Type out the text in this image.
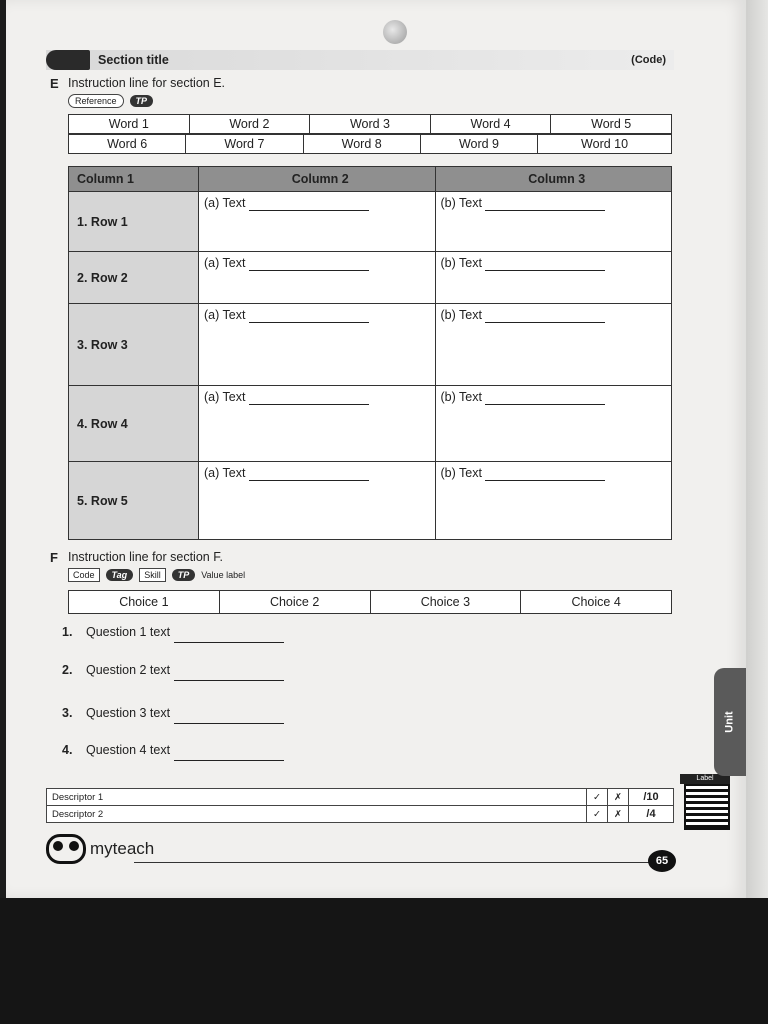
Section title	(Code)
E Instruction line for section E.
Reference	TP
Word 1	Word 2	Word 3	Word 4	Word 5
Word 6	Word 7	Word 8	Word 9	Word 10
Column 1	Column 2	Column 3
1. Row 1	(a) Text	(b) Text
2. Row 2	(a) Text	(b) Text
3. Row 3	(a) Text	(b) Text
4. Row 4	(a) Text	(b) Text
5. Row 5	(a) Text	(b) Text
F Instruction line for section F.
Code	Tag	Skill	TP	Value label
Choice 1	Choice 2	Choice 3	Choice 4
1. Question 1 text
2. Question 2 text
3. Question 3 text
4. Question 4 text
Descriptor 1	✓	✗	/10
Descriptor 2	✓	✗	/4
Label
Unit
myteach
65
